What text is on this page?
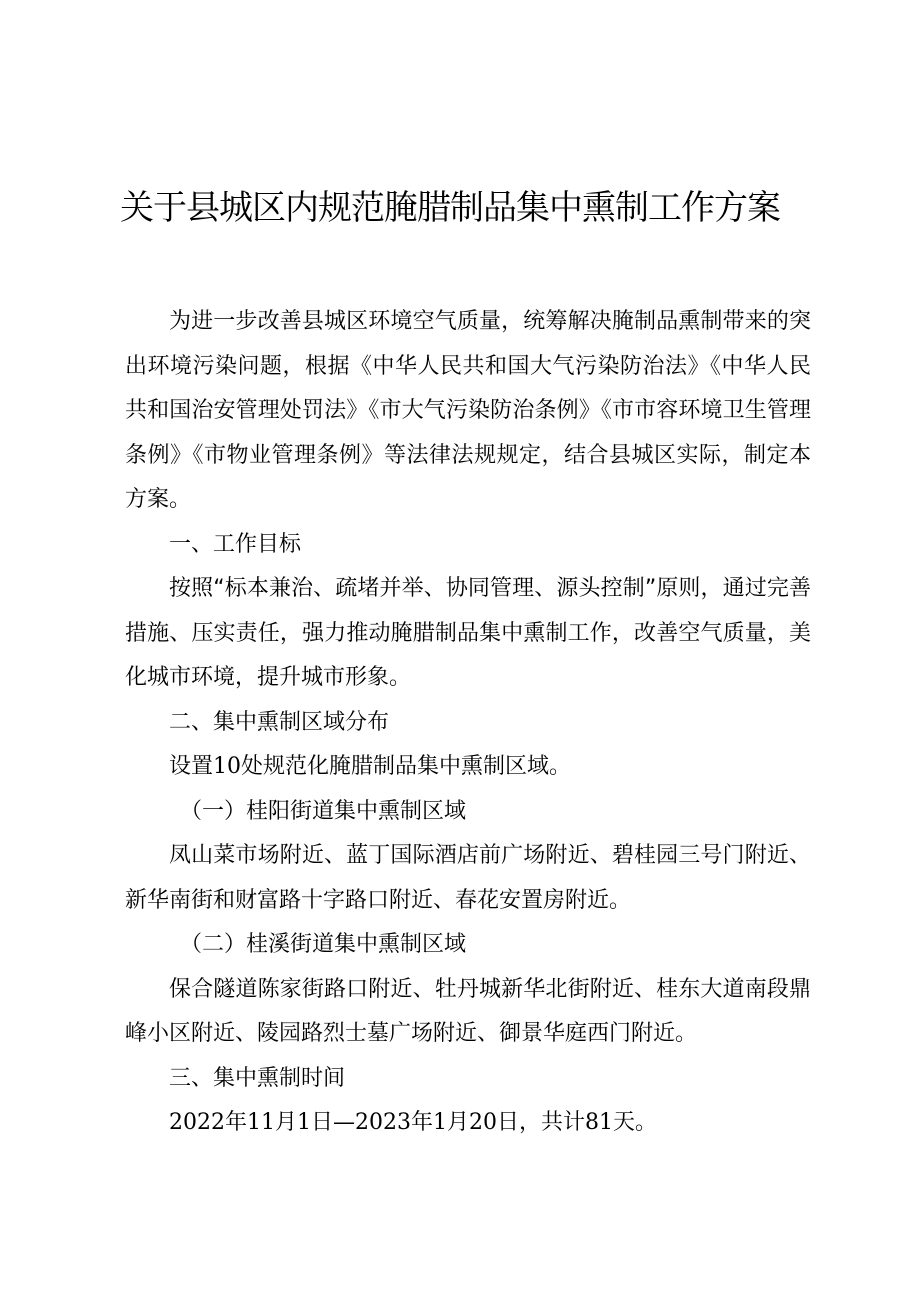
关于县城区内规范腌腊制品集中熏制工作方案

为进一步改善县城区环境空气质量，统筹解决腌制品熏制带来的突出环境污染问题，根据《中华人民共和国大气污染防治法》《中华人民共和国治安管理处罚法》《市大气污染防治条例》《市市容环境卫生管理条例》《市物业管理条例》等法律法规规定，结合县城区实际，制定本方案。

一、工作目标

按照“标本兼治、疏堵并举、协同管理、源头控制”原则，通过完善措施、压实责任，强力推动腌腊制品集中熏制工作，改善空气质量，美化城市环境，提升城市形象。

二、集中熏制区域分布

设置10处规范化腌腊制品集中熏制区域。

（一）桂阳街道集中熏制区域

凤山菜市场附近、蓝丁国际酒店前广场附近、碧桂园三号门附近、新华南街和财富路十字路口附近、春花安置房附近。

（二）桂溪街道集中熏制区域

保合隧道陈家街路口附近、牡丹城新华北街附近、桂东大道南段鼎峰小区附近、陵园路烈士墓广场附近、御景华庭西门附近。

三、集中熏制时间

2022年11月1日—2023年1月20日，共计81天。
